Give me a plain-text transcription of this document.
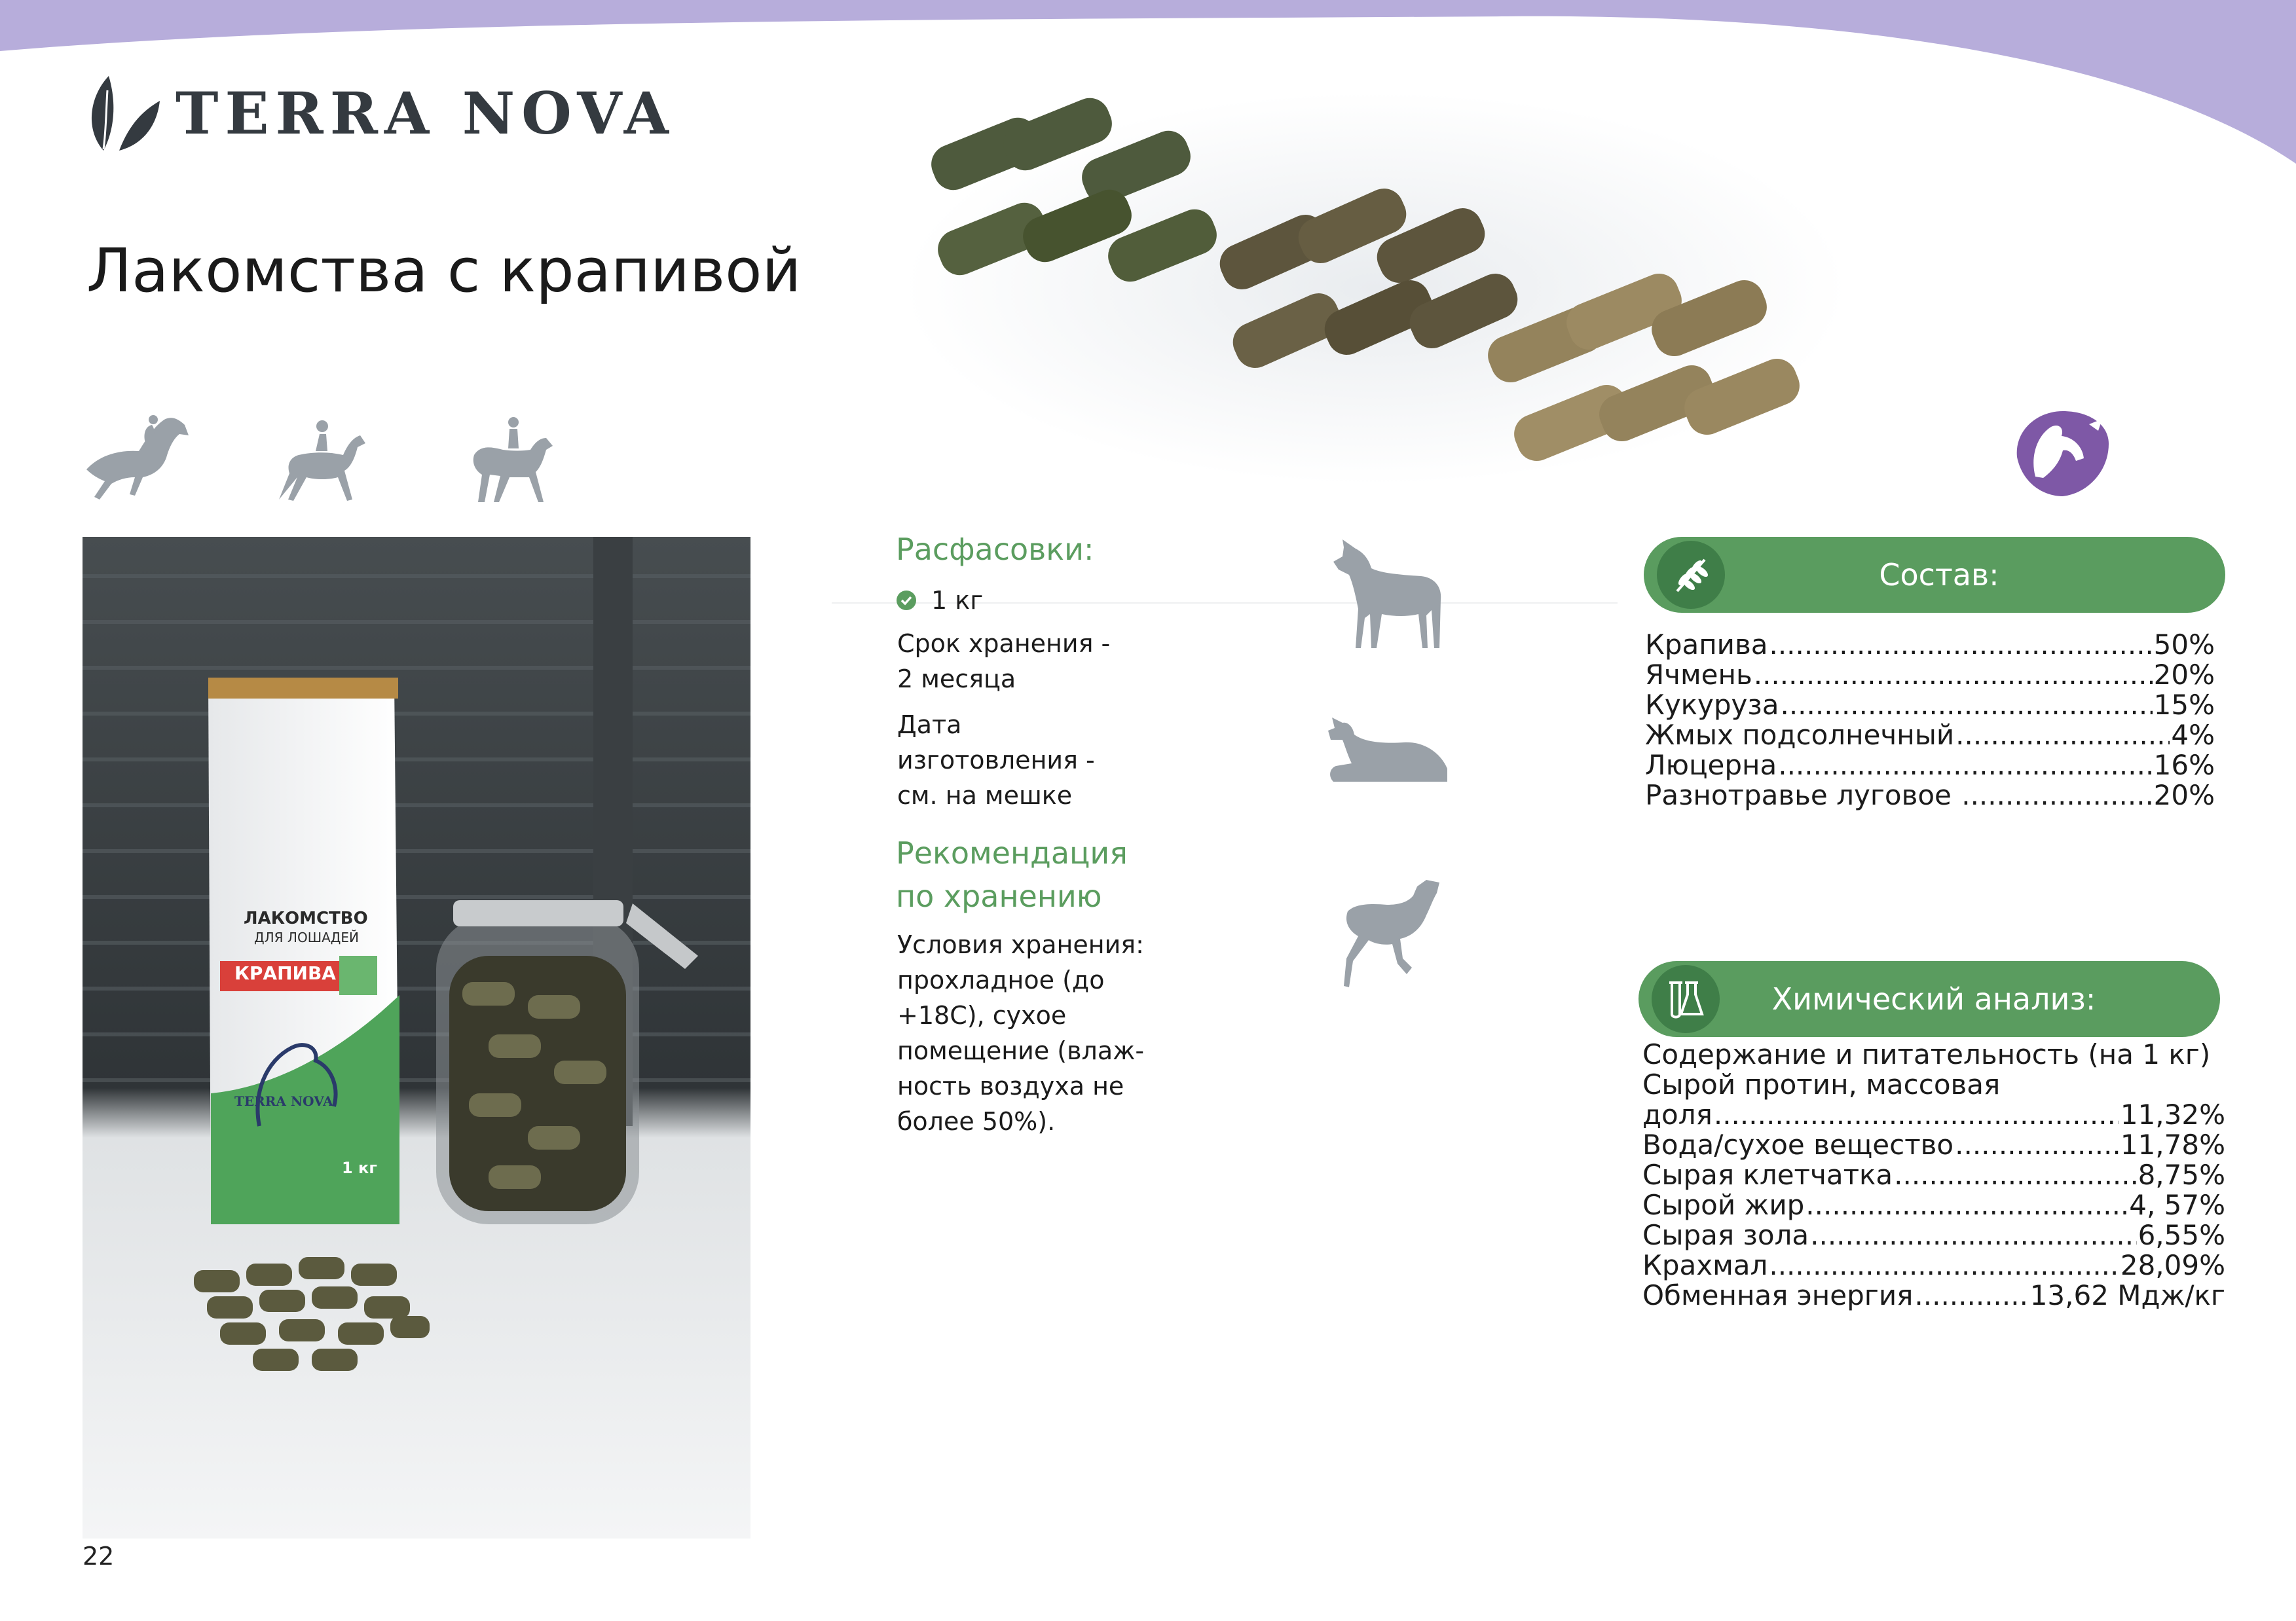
TERRA NOVA
Лакомства с крапивой
ЛАКОМСТВО
ДЛЯ ЛОШАДЕЙ
КРАПИВА
TERRA NOVA
1 кг
22
Расфасовки:
1 кг
Срок хранения -
2 месяца
Дата
изготовления -
см. на мешке
Рекомендация
по хранению
Условия хранения:
прохладное (до
+18С), сухое
помещение (влаж-
ность воздуха не
более 50%).
Состав:
Крапива .....	50%
Ячмень .....	20%
Кукуруза .....	15%
Жмых подсолнечный .....	4%
Люцерна .....	16%
Разнотравье луговое .....	20%
Химический анализ:
Содержание и питательность (на 1 кг)
Сырой протин, массовая
доля .....	11,32%
Вода/сухое вещество .....	11,78%
Сырая клетчатка .....	8,75%
Сырой жир .....	4, 57%
Сырая зола .....	6,55%
Крахмал .....	28,09%
Обменная энергия .....	13,62 Мдж/кг
